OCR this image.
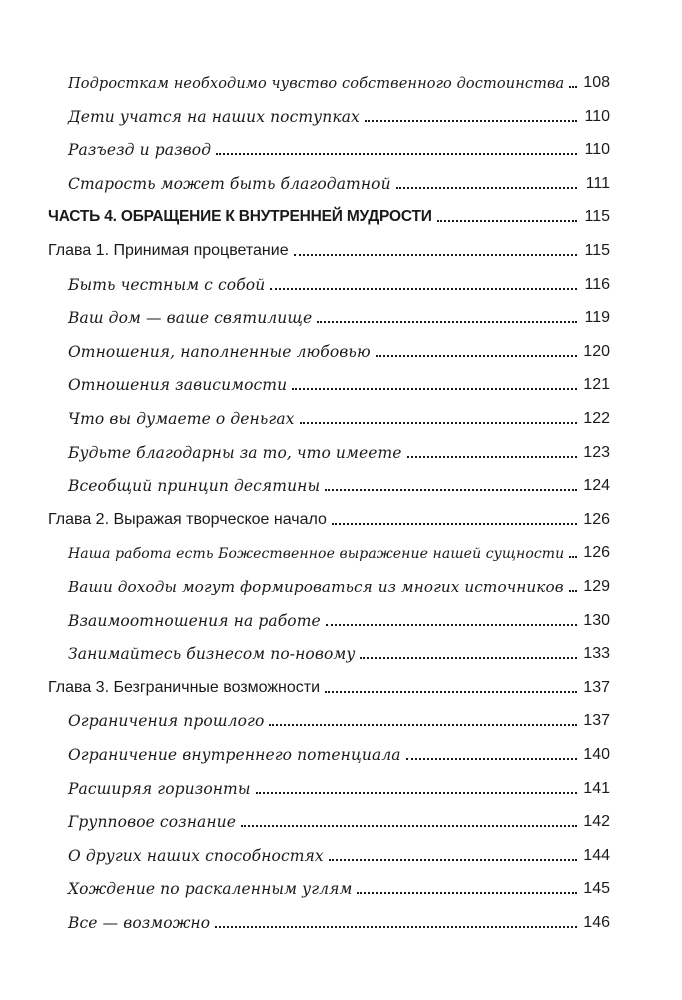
Подросткам необходимо чувство собственного достоинства 108
Дети учатся на наших поступках	110
Разъезд и развод	110
Старость может быть благодатной	111
ЧАСТЬ 4. ОБРАЩЕНИЕ К ВНУТРЕННЕЙ МУДРОСТИ	115
Глава 1. Принимая процветание	115
Быть честным с собой	116
Ваш дом — ваше святилище	119
Отношения, наполненные любовью	120
Отношения зависимости	121
Что вы думаете о деньгах	122
Будьте благодарны за то, что имеете	123
Всеобщий принцип десятины	124
Глава 2. Выражая творческое начало	126
Наша работа есть Божественное выражение нашей сущности 126
Ваши доходы могут формироваться из многих источников 129
Взаимоотношения на работе	130
Занимайтесь бизнесом по-новому	133
Глава 3. Безграничные возможности	137
Ограничения прошлого	137
Ограничение внутреннего потенциала	140
Расширяя горизонты	141
Групповое сознание	142
О других наших способностях	144
Хождение по раскаленным углям	145
Все — возможно	146
